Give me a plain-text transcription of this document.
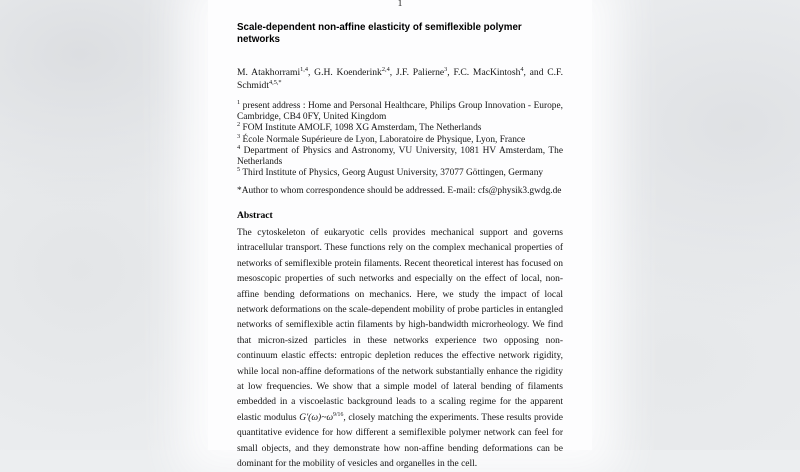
1
Scale-dependent non-affine elasticity of semiflexible polymer networks

M. Atakhorrami$^{1,4}$, G.H. Koenderink$^{2,4}$, J.F. Palierne$^3$, F.C. MacKintosh$^4$, and C.F. Schmidt$^{4,5,*}$

$^1$ present address : Home and Personal Healthcare, Philips Group Innovation - Europe, Cambridge, CB4 0FY, United Kingdom
$^2$ FOM Institute AMOLF, 1098 XG Amsterdam, The Netherlands
$^3$ École Normale Supérieure de Lyon, Laboratoire de Physique, Lyon, France
$^4$ Department of Physics and Astronomy, VU University, 1081 HV Amsterdam, The Netherlands
$^5$ Third Institute of Physics, Georg August University, 37077 Göttingen, Germany

*Author to whom correspondence should be addressed. E-mail: cfs@physik3.gwdg.de

Abstract

The cytoskeleton of eukaryotic cells provides mechanical support and governs intracellular transport. These functions rely on the complex mechanical properties of networks of semiflexible protein filaments. Recent theoretical interest has focused on mesoscopic properties of such networks and especially on the effect of local, non-affine bending deformations on mechanics. Here, we study the impact of local network deformations on the scale-dependent mobility of probe particles in entangled networks of semiflexible actin filaments by high-bandwidth microrheology. We find that micron-sized particles in these networks experience two opposing non-continuum elastic effects: entropic depletion reduces the effective network rigidity, while local non-affine deformations of the network substantially enhance the rigidity at low frequencies. We show that a simple model of lateral bending of filaments embedded in a viscoelastic background leads to a scaling regime for the apparent elastic modulus $G'(\omega)\sim\omega^{9/16}$, closely matching the experiments. These results provide quantitative evidence for how different a semiflexible polymer network can feel for small objects, and they demonstrate how non-affine bending deformations can be dominant for the mobility of vesicles and organelles in the cell.
